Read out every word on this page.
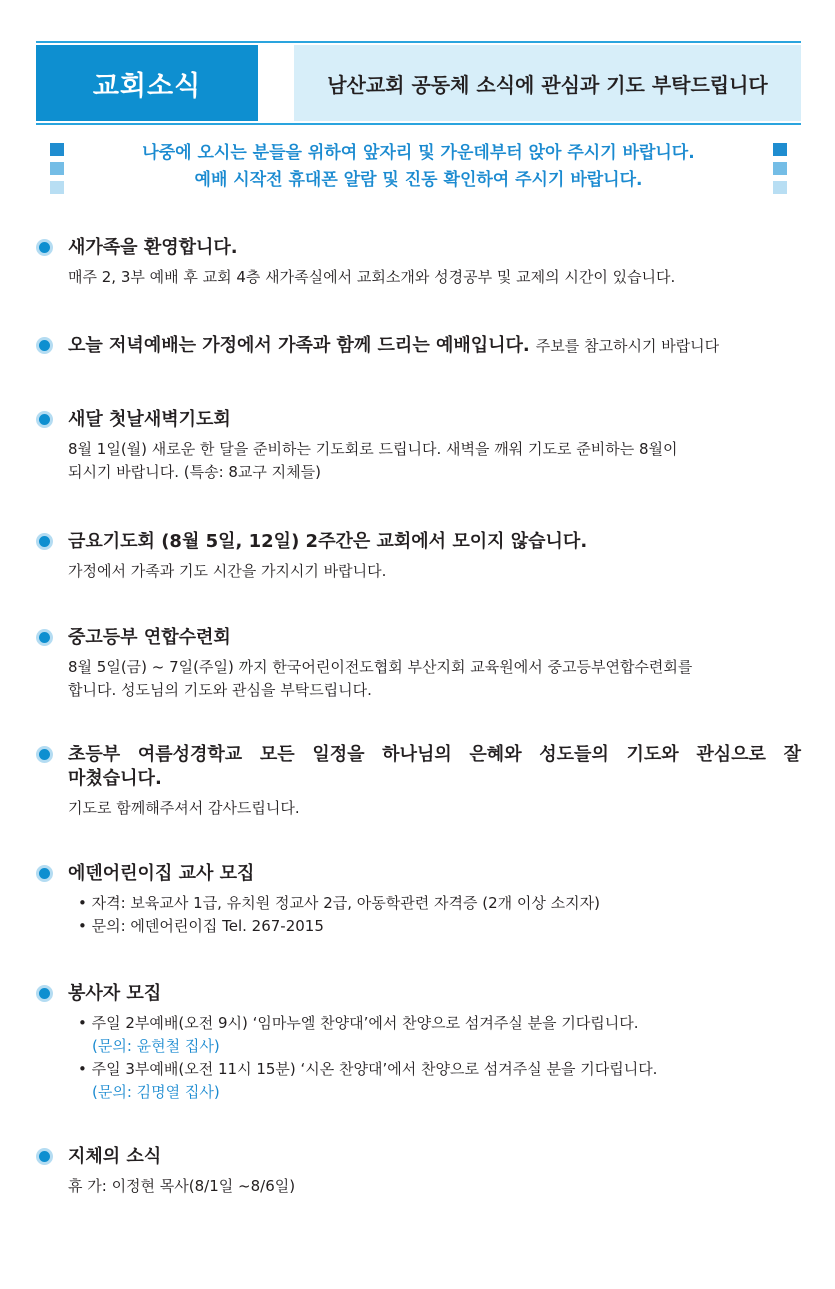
교회소식	남산교회 공동체 소식에 관심과 기도 부탁드립니다
나중에 오시는 분들을 위하여 앞자리 및 가운데부터 앉아 주시기 바랍니다.
예배 시작전 휴대폰 알람 및 진동 확인하여 주시기 바랍니다.
새가족을 환영합니다.
매주 2, 3부 예배 후 교회 4층 새가족실에서 교회소개와 성경공부 및 교제의 시간이 있습니다.
오늘 저녁예배는 가정에서 가족과 함께 드리는 예배입니다. 주보를 참고하시기 바랍니다
새달 첫날새벽기도회
8월 1일(월) 새로운 한 달을 준비하는 기도회로 드립니다. 새벽을 깨워 기도로 준비하는 8월이
되시기 바랍니다. (특송: 8교구 지체들)
금요기도회 (8월 5일, 12일) 2주간은 교회에서 모이지 않습니다.
가정에서 가족과 기도 시간을 가지시기 바랍니다.
중고등부 연합수련회
8월 5일(금) ~ 7일(주일) 까지 한국어린이전도협회 부산지회 교육원에서 중고등부연합수련회를
합니다. 성도님의 기도와 관심을 부탁드립니다.
초등부 여름성경학교 모든 일정을 하나님의 은혜와 성도들의 기도와 관심으로 잘
마쳤습니다.
기도로 함께해주셔서 감사드립니다.
에덴어린이집 교사 모집
• 자격: 보육교사 1급, 유치원 정교사 2급, 아동학관련 자격증 (2개 이상 소지자)
• 문의: 에덴어린이집 Tel. 267-2015
봉사자 모집
• 주일 2부예배(오전 9시) ‘임마누엘 찬양대’에서 찬양으로 섬겨주실 분을 기다립니다.
(문의: 윤현철 집사)
• 주일 3부예배(오전 11시 15분) ‘시온 찬양대’에서 찬양으로 섬겨주실 분을 기다립니다.
(문의: 김명열 집사)
지체의 소식
휴 가: 이정현 목사(8/1일 ~8/6일)
